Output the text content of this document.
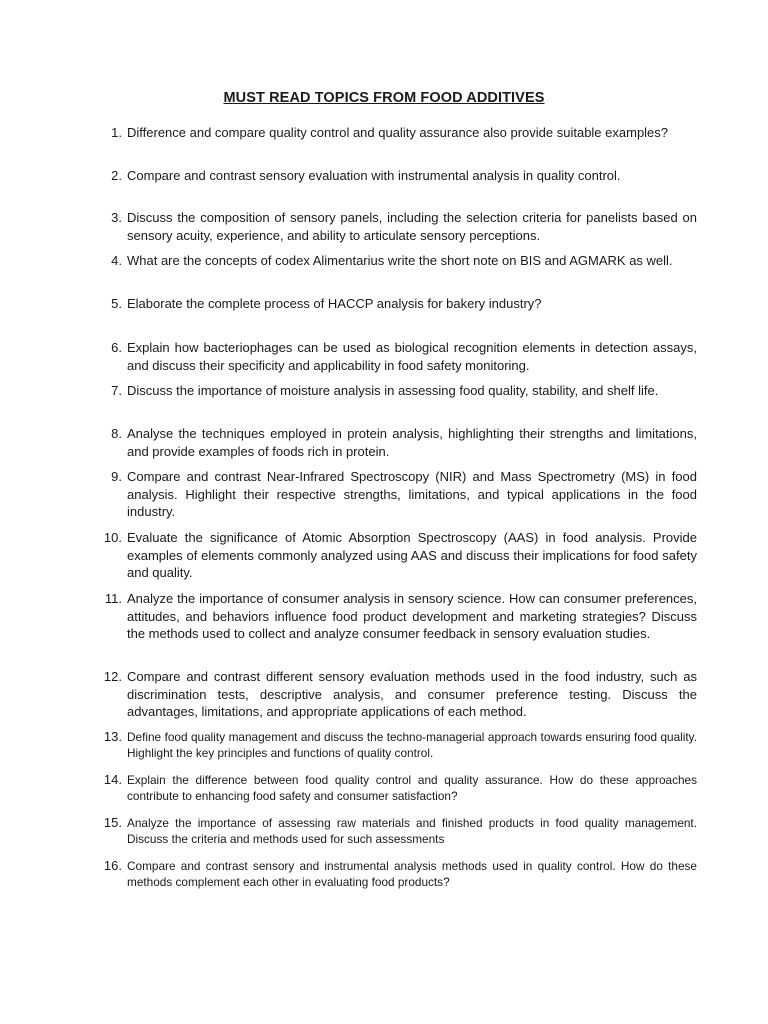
MUST READ TOPICS FROM FOOD ADDITIVES
1. Difference and compare quality control and quality assurance also provide suitable examples?
2. Compare and contrast sensory evaluation with instrumental analysis in quality control.
3. Discuss the composition of sensory panels, including the selection criteria for panelists based on sensory acuity, experience, and ability to articulate sensory perceptions.
4. What are the concepts of codex Alimentarius write the short note on BIS and AGMARK as well.
5. Elaborate the complete process of HACCP analysis for bakery industry?
6. Explain how bacteriophages can be used as biological recognition elements in detection assays, and discuss their specificity and applicability in food safety monitoring.
7. Discuss the importance of moisture analysis in assessing food quality, stability, and shelf life.
8. Analyse the techniques employed in protein analysis, highlighting their strengths and limitations, and provide examples of foods rich in protein.
9. Compare and contrast Near-Infrared Spectroscopy (NIR) and Mass Spectrometry (MS) in food analysis. Highlight their respective strengths, limitations, and typical applications in the food industry.
10. Evaluate the significance of Atomic Absorption Spectroscopy (AAS) in food analysis. Provide examples of elements commonly analyzed using AAS and discuss their implications for food safety and quality.
11. Analyze the importance of consumer analysis in sensory science. How can consumer preferences, attitudes, and behaviors influence food product development and marketing strategies? Discuss the methods used to collect and analyze consumer feedback in sensory evaluation studies.
12. Compare and contrast different sensory evaluation methods used in the food industry, such as discrimination tests, descriptive analysis, and consumer preference testing. Discuss the advantages, limitations, and appropriate applications of each method.
13. Define food quality management and discuss the techno-managerial approach towards ensuring food quality. Highlight the key principles and functions of quality control.
14. Explain the difference between food quality control and quality assurance. How do these approaches contribute to enhancing food safety and consumer satisfaction?
15. Analyze the importance of assessing raw materials and finished products in food quality management. Discuss the criteria and methods used for such assessments
16. Compare and contrast sensory and instrumental analysis methods used in quality control. How do these methods complement each other in evaluating food products?
